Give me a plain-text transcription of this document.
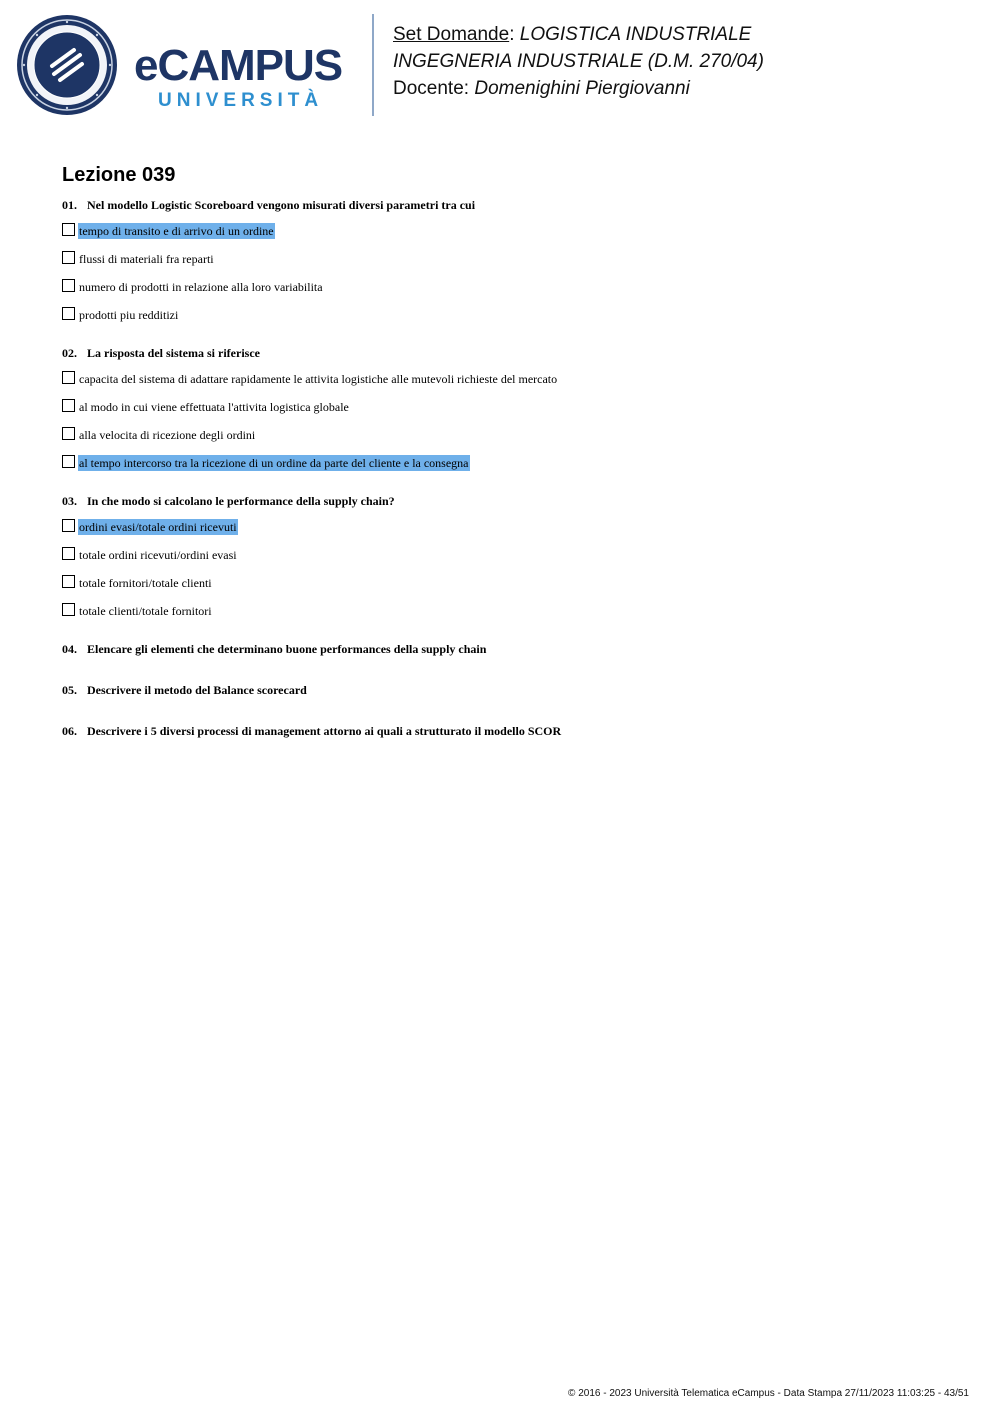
eCAMPUS
UNIVERSITÀ
Set Domande: LOGISTICA INDUSTRIALE
INGEGNERIA INDUSTRIALE (D.M. 270/04)
Docente: Domenighini Piergiovanni
Lezione 039
01. Nel modello Logistic Scoreboard vengono misurati diversi parametri tra cui
tempo di transito e di arrivo di un ordine
flussi di materiali fra reparti
numero di prodotti in relazione alla loro variabilita
prodotti piu redditizi
02. La risposta del sistema si riferisce
capacita del sistema di adattare rapidamente le attivita logistiche alle mutevoli richieste del mercato
al modo in cui viene effettuata l'attivita logistica globale
alla velocita di ricezione degli ordini
al tempo intercorso tra la ricezione di un ordine da parte del cliente e la consegna
03. In che modo si calcolano le performance della supply chain?
ordini evasi/totale ordini ricevuti
totale ordini ricevuti/ordini evasi
totale fornitori/totale clienti
totale clienti/totale fornitori
04. Elencare gli elementi che determinano buone performances della supply chain
05. Descrivere il metodo del Balance scorecard
06. Descrivere i 5 diversi processi di management attorno ai quali a strutturato il modello SCOR
© 2016 - 2023 Università Telematica eCampus - Data Stampa 27/11/2023 11:03:25 - 43/51
